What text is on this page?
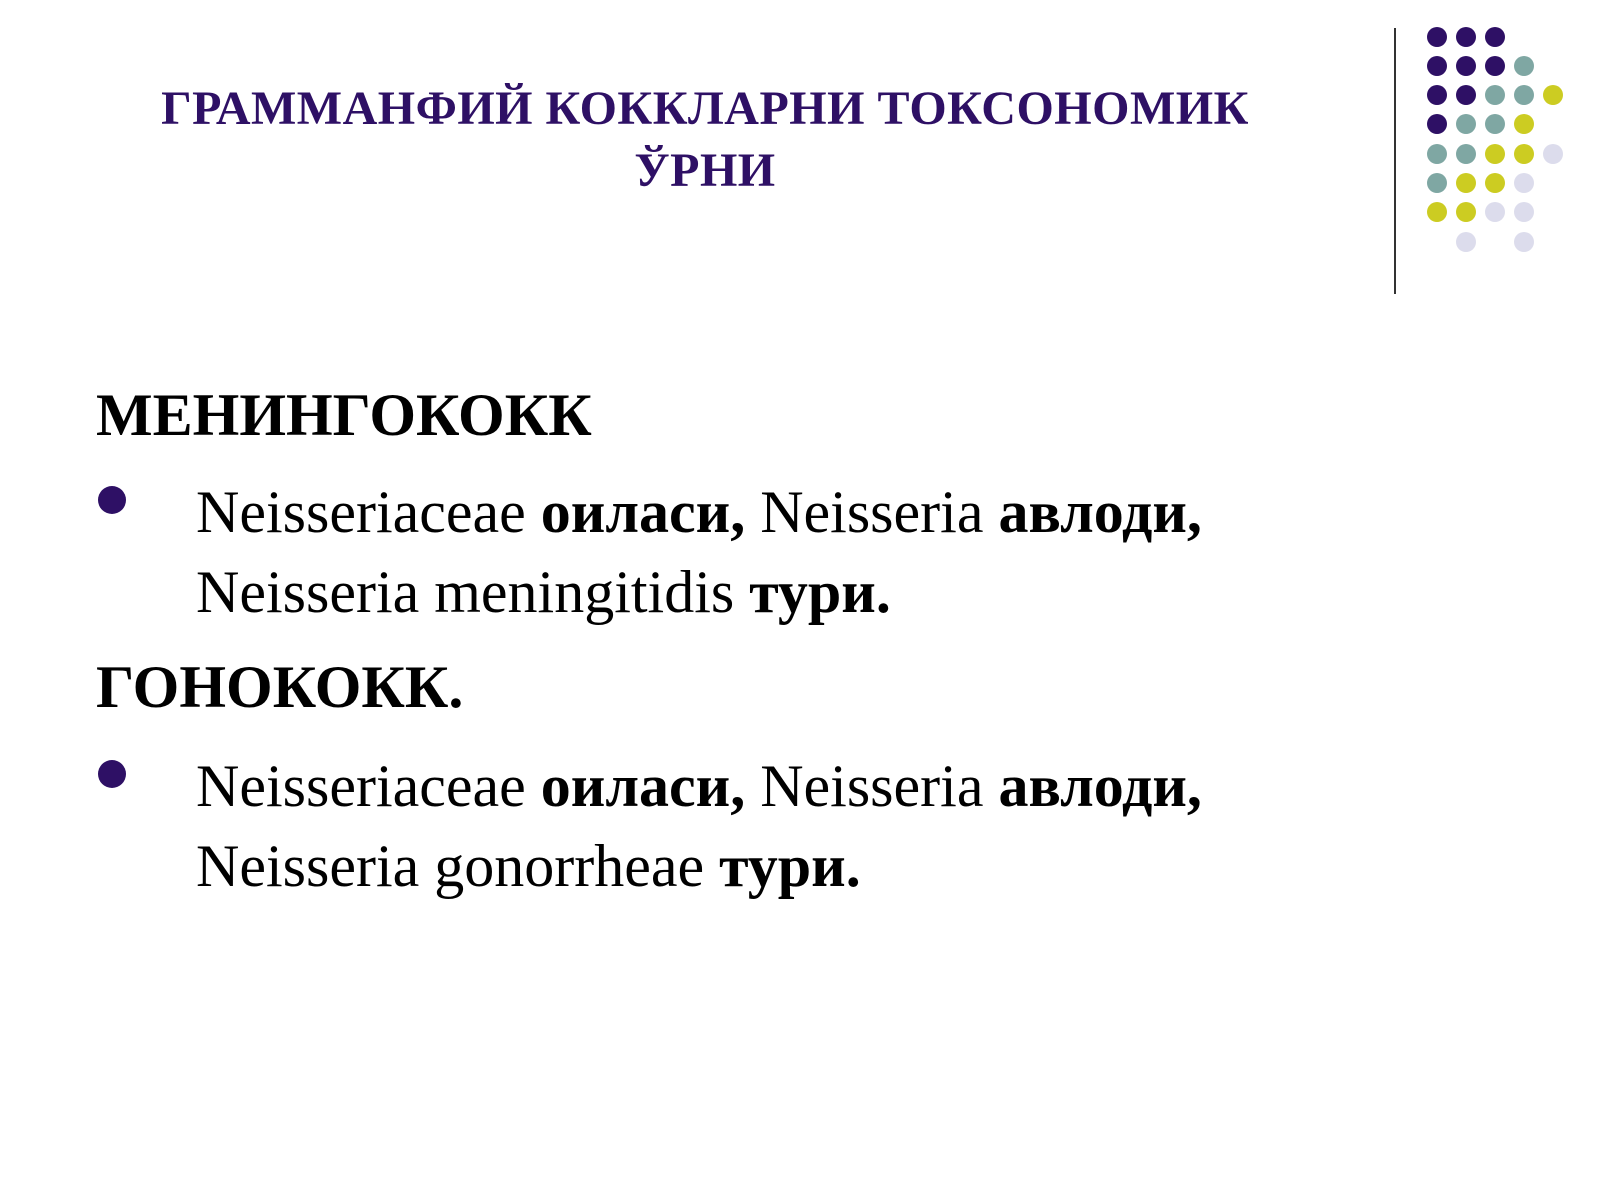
ГРАММАНФИЙ КОККЛАРНИ ТОКСОНОМИК
ЎРНИ
МЕНИНГОКОКК
Neisseriaceae оиласи, Neisseria авлоди,
Neisseria meningitidis тури.
ГОНОКОКК.
Neisseriaceae оиласи, Neisseria авлоди,
Neisseria gonorrheae тури.
